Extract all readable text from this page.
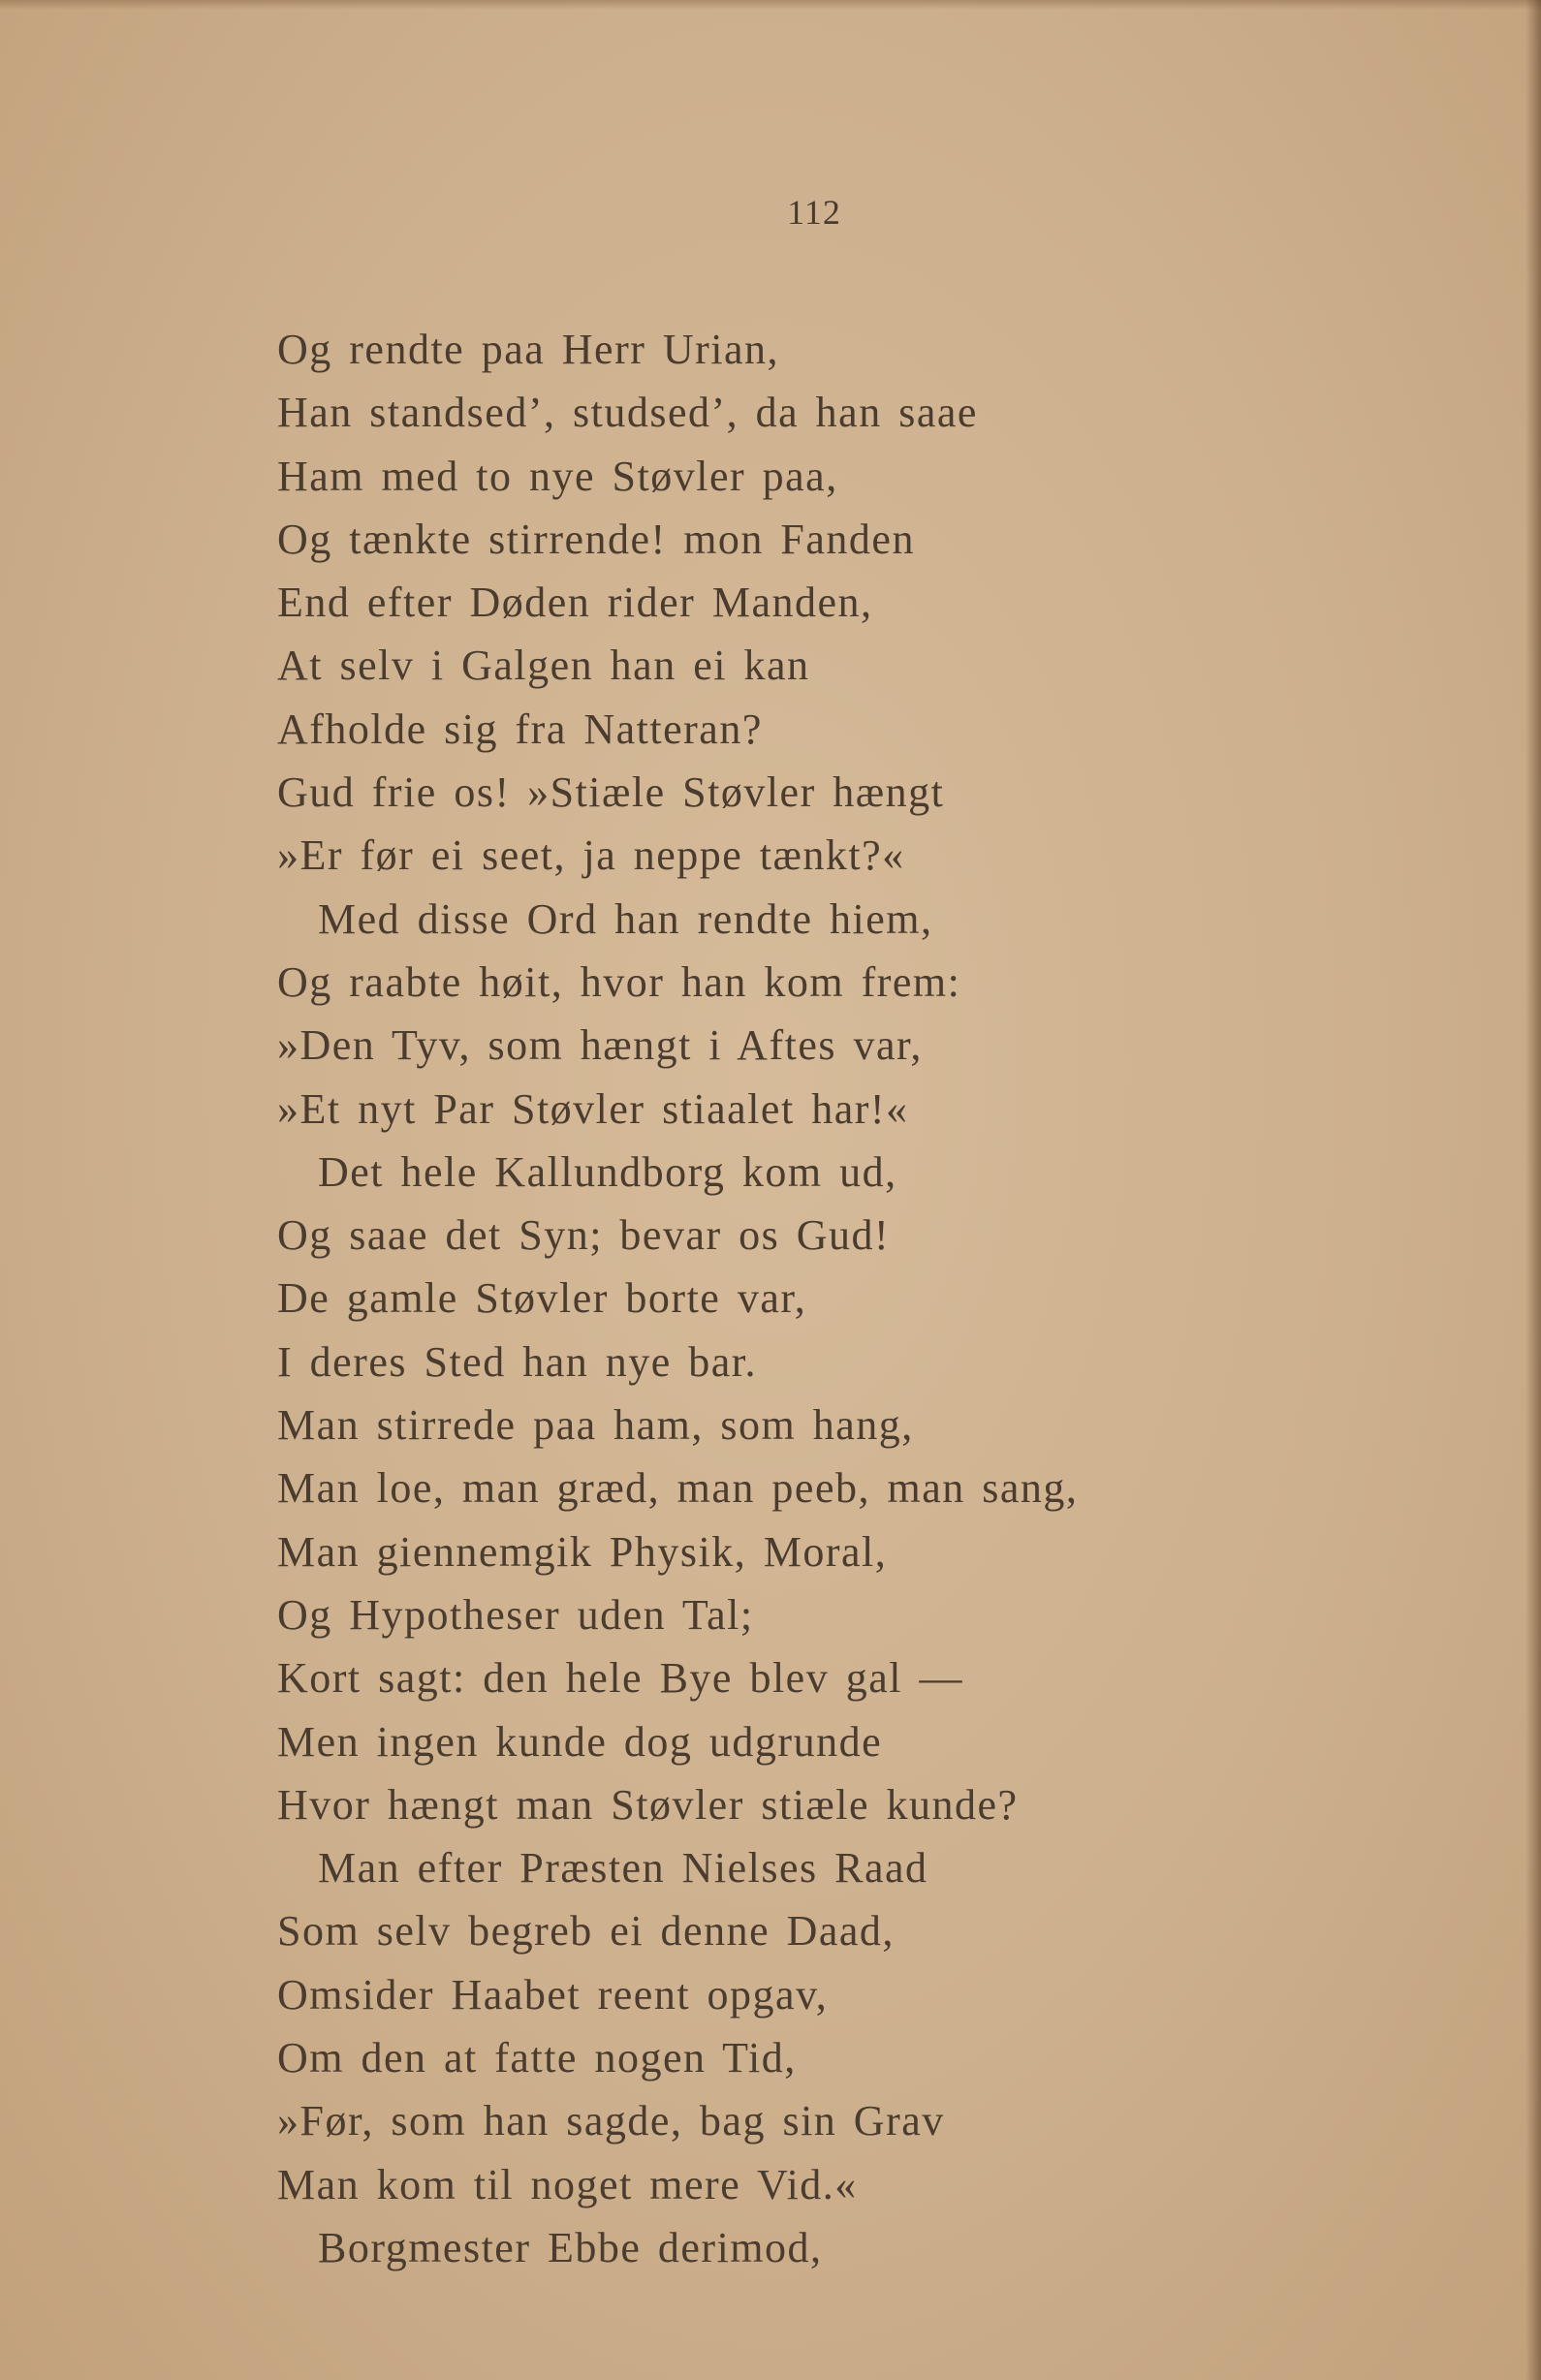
112
Og rendte paa Herr Urian,
Han standsed’, studsed’, da han saae
Ham med to nye Støvler paa,
Og tænkte stirrende! mon Fanden
End efter Døden rider Manden,
At selv i Galgen han ei kan
Afholde sig fra Natteran?
Gud frie os! »Stiæle Støvler hængt
»Er før ei seet, ja neppe tænkt?«
Med disse Ord han rendte hiem,
Og raabte høit, hvor han kom frem:
»Den Tyv, som hængt i Aftes var,
»Et nyt Par Støvler stiaalet har!«
Det hele Kallundborg kom ud,
Og saae det Syn; bevar os Gud!
De gamle Støvler borte var,
I deres Sted han nye bar.
Man stirrede paa ham, som hang,
Man loe, man græd, man peeb, man sang,
Man giennemgik Physik, Moral,
Og Hypotheser uden Tal;
Kort sagt: den hele Bye blev gal —
Men ingen kunde dog udgrunde
Hvor hængt man Støvler stiæle kunde?
Man efter Præsten Nielses Raad
Som selv begreb ei denne Daad,
Omsider Haabet reent opgav,
Om den at fatte nogen Tid,
»Før, som han sagde, bag sin Grav
Man kom til noget mere Vid.«
Borgmester Ebbe derimod,
